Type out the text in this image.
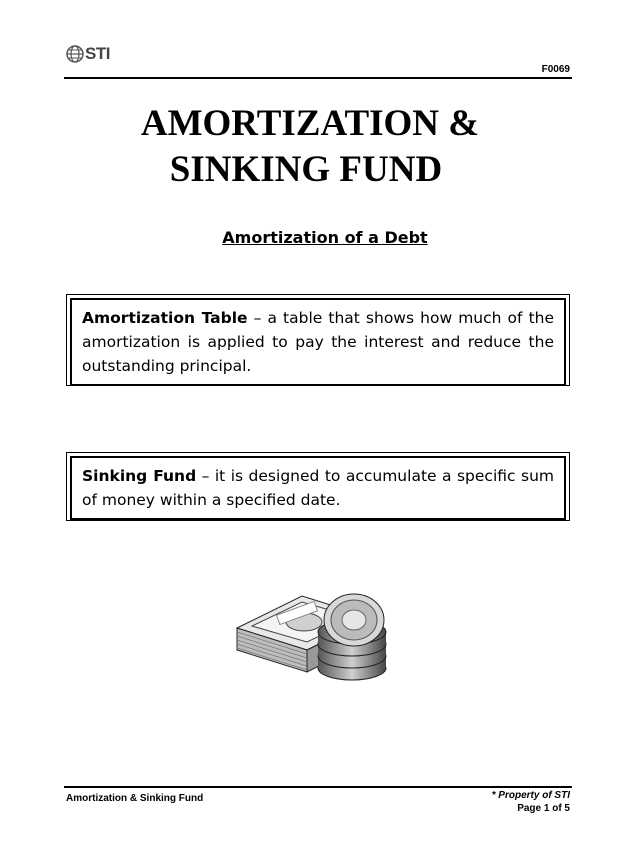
STI
F0069
AMORTIZATION &
SINKING FUND
Amortization of a Debt
Amortization Table – a table that shows how much of the amortization is applied to pay the interest and reduce the outstanding principal.
Sinking Fund – it is designed to accumulate a specific sum of money within a specified date.
Amortization & Sinking Fund	* Property of STI
Page 1 of 5
